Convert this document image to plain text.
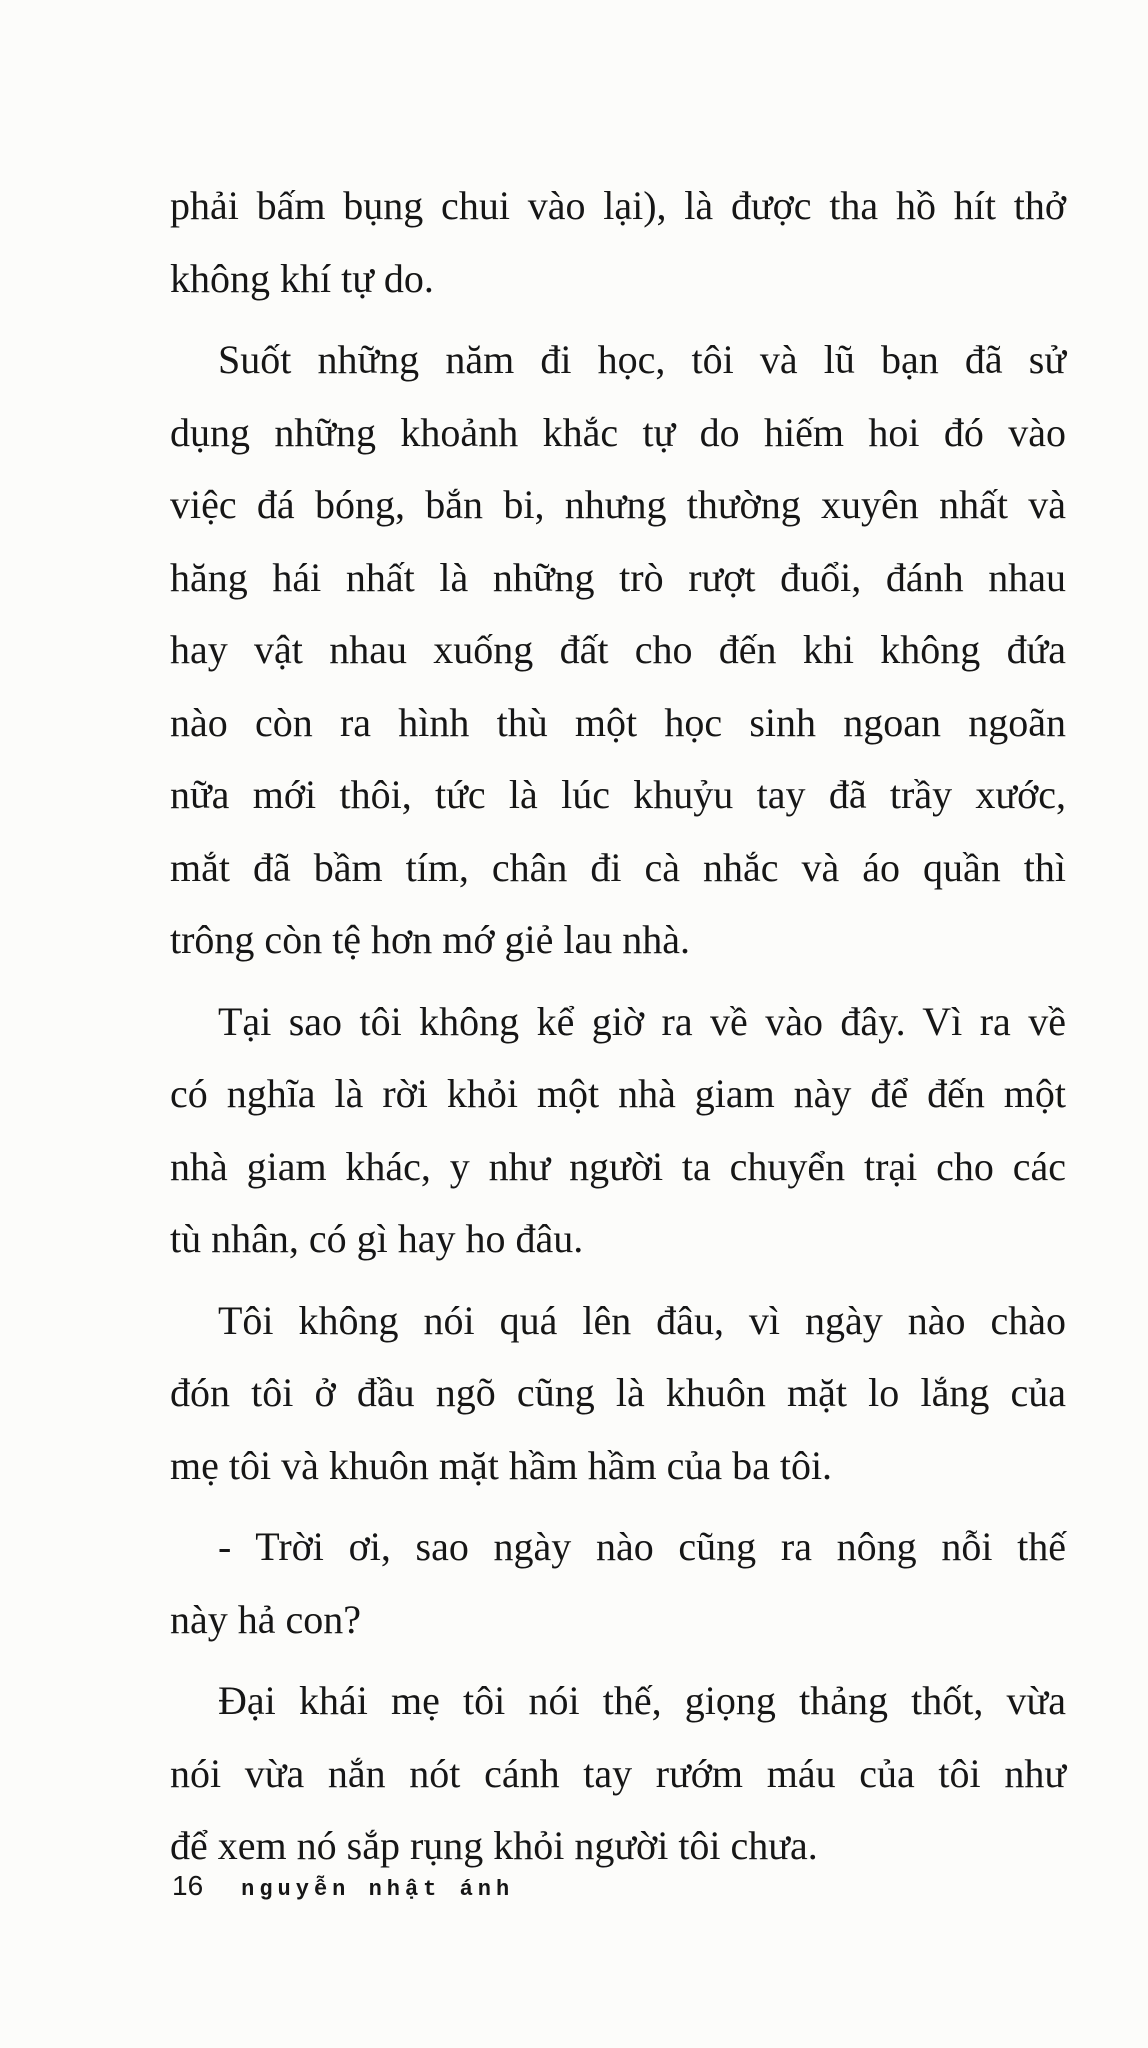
phải bấm bụng chui vào lại), là được tha hồ hít thở
không khí tự do.
Suốt những năm đi học, tôi và lũ bạn đã sử
dụng những khoảnh khắc tự do hiếm hoi đó vào
việc đá bóng, bắn bi, nhưng thường xuyên nhất và
hăng hái nhất là những trò rượt đuổi, đánh nhau
hay vật nhau xuống đất cho đến khi không đứa
nào còn ra hình thù một học sinh ngoan ngoãn
nữa mới thôi, tức là lúc khuỷu tay đã trầy xước,
mắt đã bầm tím, chân đi cà nhắc và áo quần thì
trông còn tệ hơn mớ giẻ lau nhà.
Tại sao tôi không kể giờ ra về vào đây. Vì ra về
có nghĩa là rời khỏi một nhà giam này để đến một
nhà giam khác, y như người ta chuyển trại cho các
tù nhân, có gì hay ho đâu.
Tôi không nói quá lên đâu, vì ngày nào chào
đón tôi ở đầu ngõ cũng là khuôn mặt lo lắng của
mẹ tôi và khuôn mặt hầm hầm của ba tôi.
- Trời ơi, sao ngày nào cũng ra nông nỗi thế
này hả con?
Đại khái mẹ tôi nói thế, giọng thảng thốt, vừa
nói vừa nắn nót cánh tay rướm máu của tôi như
để xem nó sắp rụng khỏi người tôi chưa.
16 nguyễn nhật ánh
